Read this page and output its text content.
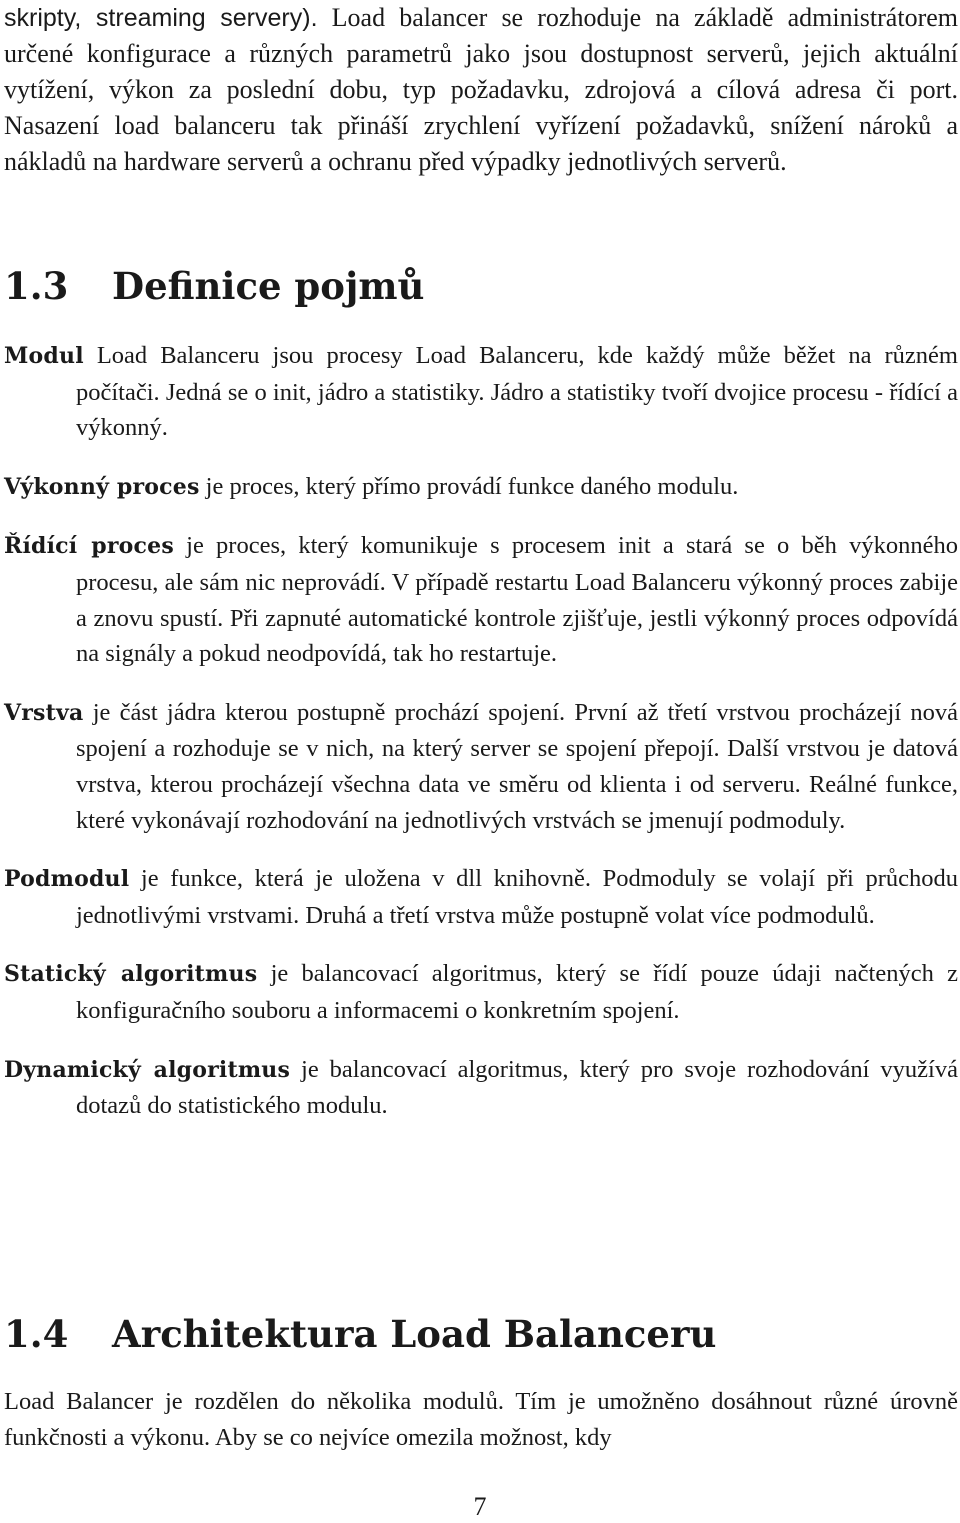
skripty, streaming servery). Load balancer se rozhoduje na základě administrátorem určené konfigurace a různých parametrů jako jsou dostupnost serverů, jejich aktuální vytížení, výkon za poslední dobu, typ požadavku, zdrojová a cílová adresa či port. Nasazení load balanceru tak přináší zrychlení vyřízení požadavků, snížení nároků a nákladů na hardware serverů a ochranu před výpadky jednotlivých serverů.

1.3 Definice pojmů

Modul Load Balanceru jsou procesy Load Balanceru, kde každý může běžet na různém počítači. Jedná se o init, jádro a statistiky. Jádro a statistiky tvoří dvojice procesu - řídící a výkonný.

Výkonný proces je proces, který přímo provádí funkce daného modulu.

Řídící proces je proces, který komunikuje s procesem init a stará se o běh výkonného procesu, ale sám nic neprovádí. V případě restartu Load Balanceru výkonný proces zabije a znovu spustí. Při zapnuté automatické kontrole zjišťuje, jestli výkonný proces odpovídá na signály a pokud neodpovídá, tak ho restartuje.

Vrstva je část jádra kterou postupně prochází spojení. První až třetí vrstvou procházejí nová spojení a rozhoduje se v nich, na který server se spojení přepojí. Další vrstvou je datová vrstva, kterou procházejí všechna data ve směru od klienta i od serveru. Reálné funkce, které vykonávají rozhodování na jednotlivých vrstvách se jmenují podmoduly.

Podmodul je funkce, která je uložena v dll knihovně. Podmoduly se volají při průchodu jednotlivými vrstvami. Druhá a třetí vrstva může postupně volat více podmodulů.

Statický algoritmus je balancovací algoritmus, který se řídí pouze údaji načtených z konfiguračního souboru a informacemi o konkretním spojení.

Dynamický algoritmus je balancovací algoritmus, který pro svoje rozhodování využívá dotazů do statistického modulu.

1.4 Architektura Load Balanceru

Load Balancer je rozdělen do několika modulů. Tím je umožněno dosáhnout různé úrovně funkčnosti a výkonu. Aby se co nejvíce omezila možnost, kdy

7
